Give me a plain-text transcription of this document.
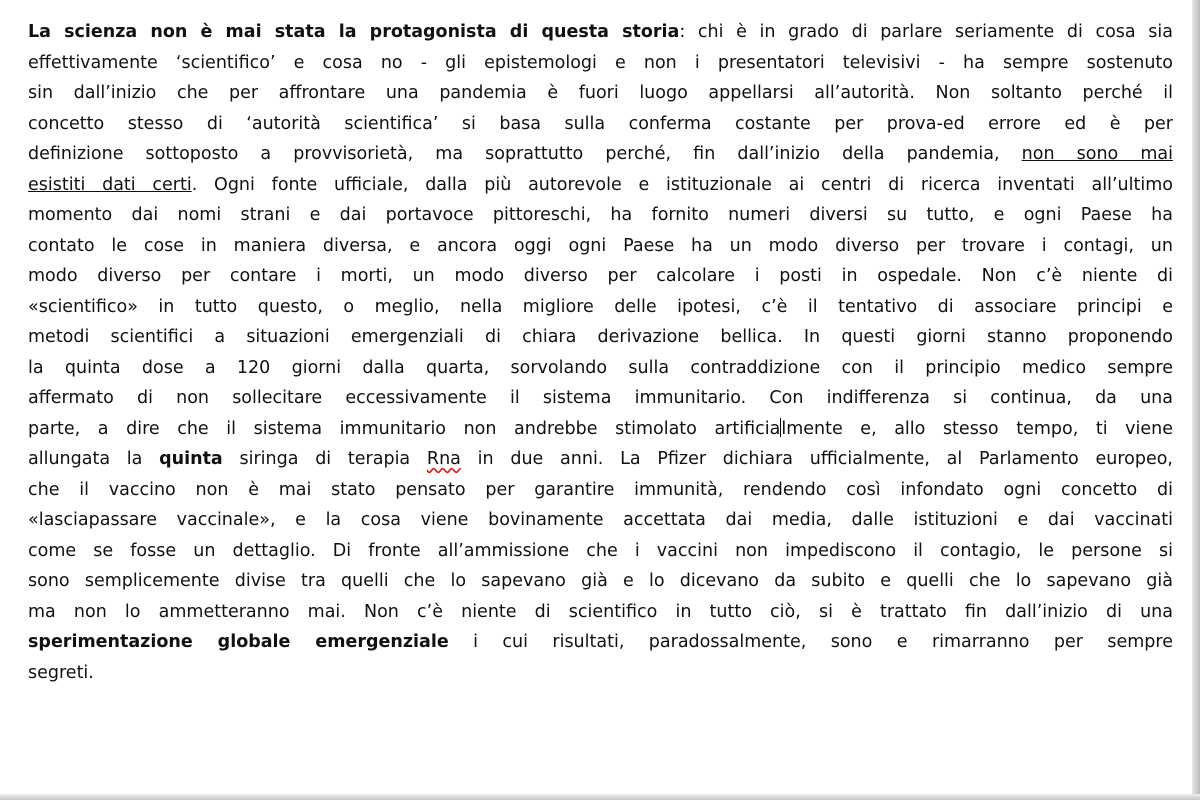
La scienza non è mai stata la protagonista di questa storia: chi è in grado di parlare seriamente di cosa sia
effettivamente ‘scientifico’ e cosa no - gli epistemologi e non i presentatori televisivi - ha sempre sostenuto
sin dall’inizio che per affrontare una pandemia è fuori luogo appellarsi all’autorità. Non soltanto perché il
concetto stesso di ‘autorità scientifica’ si basa sulla conferma costante per prova-ed errore ed è per
definizione sottoposto a provvisorietà, ma soprattutto perché, fin dall’inizio della pandemia, non sono mai
esistiti dati certi. Ogni fonte ufficiale, dalla più autorevole e istituzionale ai centri di ricerca inventati all’ultimo
momento dai nomi strani e dai portavoce pittoreschi, ha fornito numeri diversi su tutto, e ogni Paese ha
contato le cose in maniera diversa, e ancora oggi ogni Paese ha un modo diverso per trovare i contagi, un
modo diverso per contare i morti, un modo diverso per calcolare i posti in ospedale. Non c’è niente di
«scientifico» in tutto questo, o meglio, nella migliore delle ipotesi, c’è il tentativo di associare principi e
metodi scientifici a situazioni emergenziali di chiara derivazione bellica. In questi giorni stanno proponendo
la quinta dose a 120 giorni dalla quarta, sorvolando sulla contraddizione con il principio medico sempre
affermato di non sollecitare eccessivamente il sistema immunitario. Con indifferenza si continua, da una
parte, a dire che il sistema immunitario non andrebbe stimolato artificialmente e, allo stesso tempo, ti viene
allungata la quinta siringa di terapia Rna in due anni. La Pfizer dichiara ufficialmente, al Parlamento europeo,
che il vaccino non è mai stato pensato per garantire immunità, rendendo così infondato ogni concetto di
«lasciapassare vaccinale», e la cosa viene bovinamente accettata dai media, dalle istituzioni e dai vaccinati
come se fosse un dettaglio. Di fronte all’ammissione che i vaccini non impediscono il contagio, le persone si
sono semplicemente divise tra quelli che lo sapevano già e lo dicevano da subito e quelli che lo sapevano già
ma non lo ammetteranno mai. Non c’è niente di scientifico in tutto ciò, si è trattato fin dall’inizio di una
sperimentazione globale emergenziale i cui risultati, paradossalmente, sono e rimarranno per sempre
segreti.
